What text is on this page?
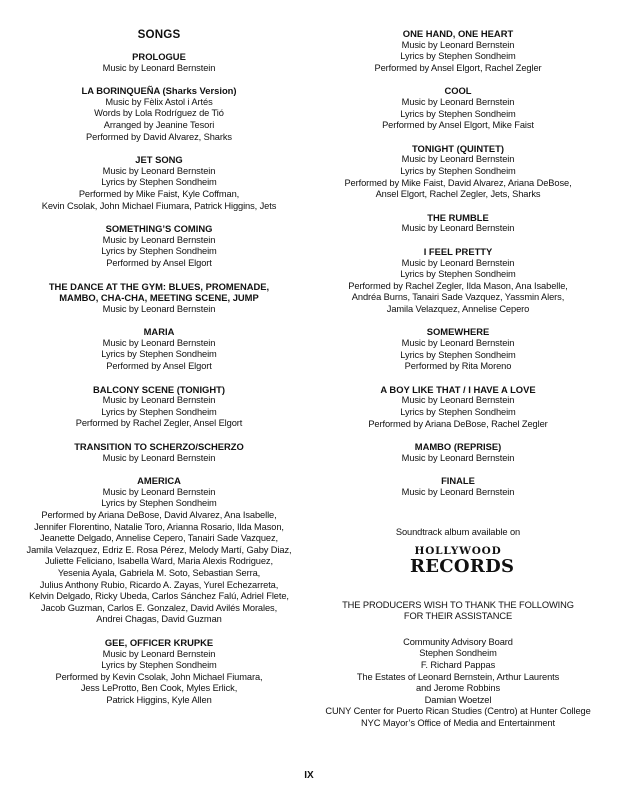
SONGS
PROLOGUE
Music by Leonard Bernstein
LA BORINQUEÑA (Sharks Version)
Music by Fèlix Astol i Artés
Words by Lola Rodríguez de Tió
Arranged by Jeanine Tesori
Performed by David Alvarez, Sharks
JET SONG
Music by Leonard Bernstein
Lyrics by Stephen Sondheim
Performed by Mike Faist, Kyle Coffman,
Kevin Csolak, John Michael Fiumara, Patrick Higgins, Jets
SOMETHING’S COMING
Music by Leonard Bernstein
Lyrics by Stephen Sondheim
Performed by Ansel Elgort
THE DANCE AT THE GYM: BLUES, PROMENADE,
MAMBO, CHA-CHA, MEETING SCENE, JUMP
Music by Leonard Bernstein
MARIA
Music by Leonard Bernstein
Lyrics by Stephen Sondheim
Performed by Ansel Elgort
BALCONY SCENE (TONIGHT)
Music by Leonard Bernstein
Lyrics by Stephen Sondheim
Performed by Rachel Zegler, Ansel Elgort
TRANSITION TO SCHERZO/SCHERZO
Music by Leonard Bernstein
AMERICA
Music by Leonard Bernstein
Lyrics by Stephen Sondheim
Performed by Ariana DeBose, David Alvarez, Ana Isabelle,
Jennifer Florentino, Natalie Toro, Arianna Rosario, Ilda Mason,
Jeanette Delgado, Annelise Cepero, Tanairi Sade Vazquez,
Jamila Velazquez, Edriz E. Rosa Pérez, Melody Martí, Gaby Diaz,
Juliette Feliciano, Isabella Ward, Maria Alexis Rodriguez,
Yesenia Ayala, Gabriela M. Soto, Sebastian Serra,
Julius Anthony Rubio, Ricardo A. Zayas, Yurel Echezarreta,
Kelvin Delgado, Ricky Ubeda, Carlos Sánchez Falú, Adriel Flete,
Jacob Guzman, Carlos E. Gonzalez, David Avilés Morales,
Andrei Chagas, David Guzman
GEE, OFFICER KRUPKE
Music by Leonard Bernstein
Lyrics by Stephen Sondheim
Performed by Kevin Csolak, John Michael Fiumara,
Jess LeProtto, Ben Cook, Myles Erlick,
Patrick Higgins, Kyle Allen
ONE HAND, ONE HEART
Music by Leonard Bernstein
Lyrics by Stephen Sondheim
Performed by Ansel Elgort, Rachel Zegler
COOL
Music by Leonard Bernstein
Lyrics by Stephen Sondheim
Performed by Ansel Elgort, Mike Faist
TONIGHT (QUINTET)
Music by Leonard Bernstein
Lyrics by Stephen Sondheim
Performed by Mike Faist, David Alvarez, Ariana DeBose,
Ansel Elgort, Rachel Zegler, Jets, Sharks
THE RUMBLE
Music by Leonard Bernstein
I FEEL PRETTY
Music by Leonard Bernstein
Lyrics by Stephen Sondheim
Performed by Rachel Zegler, Ilda Mason, Ana Isabelle,
Andréa Burns, Tanairi Sade Vazquez, Yassmin Alers,
Jamila Velazquez, Annelise Cepero
SOMEWHERE
Music by Leonard Bernstein
Lyrics by Stephen Sondheim
Performed by Rita Moreno
A BOY LIKE THAT / I HAVE A LOVE
Music by Leonard Bernstein
Lyrics by Stephen Sondheim
Performed by Ariana DeBose, Rachel Zegler
MAMBO (REPRISE)
Music by Leonard Bernstein
FINALE
Music by Leonard Bernstein
Soundtrack album available on
HOLLYWOOD
RECORDS
THE PRODUCERS WISH TO THANK THE FOLLOWING
FOR THEIR ASSISTANCE
Community Advisory Board
Stephen Sondheim
F. Richard Pappas
The Estates of Leonard Bernstein, Arthur Laurents
and Jerome Robbins
Damian Woetzel
CUNY Center for Puerto Rican Studies (Centro) at Hunter College
NYC Mayor’s Office of Media and Entertainment
IX
